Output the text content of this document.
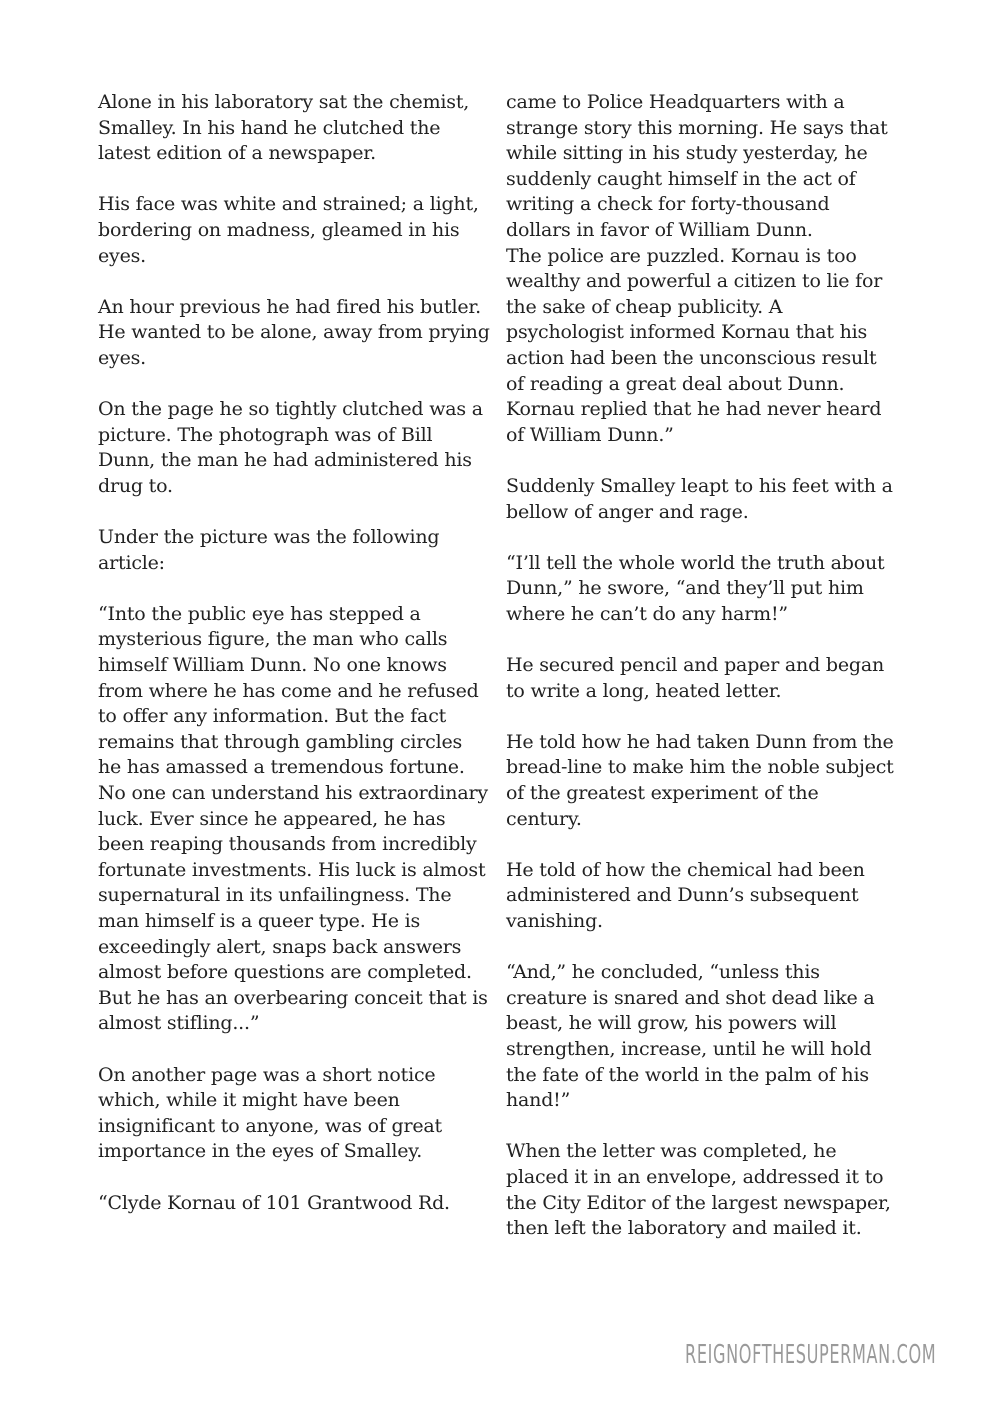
Alone in his laboratory sat the chemist, Smalley. In his hand he clutched the latest edition of a newspaper.

His face was white and strained; a light, bordering on madness, gleamed in his eyes.

An hour previous he had fired his butler. He wanted to be alone, away from prying eyes.

On the page he so tightly clutched was a picture. The photograph was of Bill Dunn, the man he had administered his drug to.

Under the picture was the following article:

“Into the public eye has stepped a mysterious figure, the man who calls himself William Dunn. No one knows from where he has come and he refused to offer any information. But the fact remains that through gambling circles he has amassed a tremendous fortune.

No one can understand his extraordinary luck. Ever since he appeared, he has been reaping thousands from incredibly fortunate investments. His luck is almost supernatural in its unfailingness. The man himself is a queer type. He is exceedingly alert, snaps back answers almost before questions are completed. But he has an overbearing conceit that is almost stifling...”

On another page was a short notice which, while it might have been insignificant to anyone, was of great importance in the eyes of Smalley.

“Clyde Kornau of 101 Grantwood Rd.

came to Police Headquarters with a strange story this morning. He says that while sitting in his study yesterday, he suddenly caught himself in the act of writing a check for forty-thousand dollars in favor of William Dunn.

The police are puzzled. Kornau is too wealthy and powerful a citizen to lie for the sake of cheap publicity. A psychologist informed Kornau that his action had been the unconscious result of reading a great deal about Dunn. Kornau replied that he had never heard of William Dunn.”

Suddenly Smalley leapt to his feet with a bellow of anger and rage.

“I’ll tell the whole world the truth about Dunn,” he swore, “and they’ll put him where he can’t do any harm!”

He secured pencil and paper and began to write a long, heated letter.

He told how he had taken Dunn from the bread-line to make him the noble subject of the greatest experiment of the century.

He told of how the chemical had been administered and Dunn’s subsequent vanishing.

“And,” he concluded, “unless this creature is snared and shot dead like a beast, he will grow, his powers will strengthen, increase, until he will hold the fate of the world in the palm of his hand!”

When the letter was completed, he placed it in an envelope, addressed it to the City Editor of the largest newspaper, then left the laboratory and mailed it.

REIGNOFTHESUPERMAN.COM
